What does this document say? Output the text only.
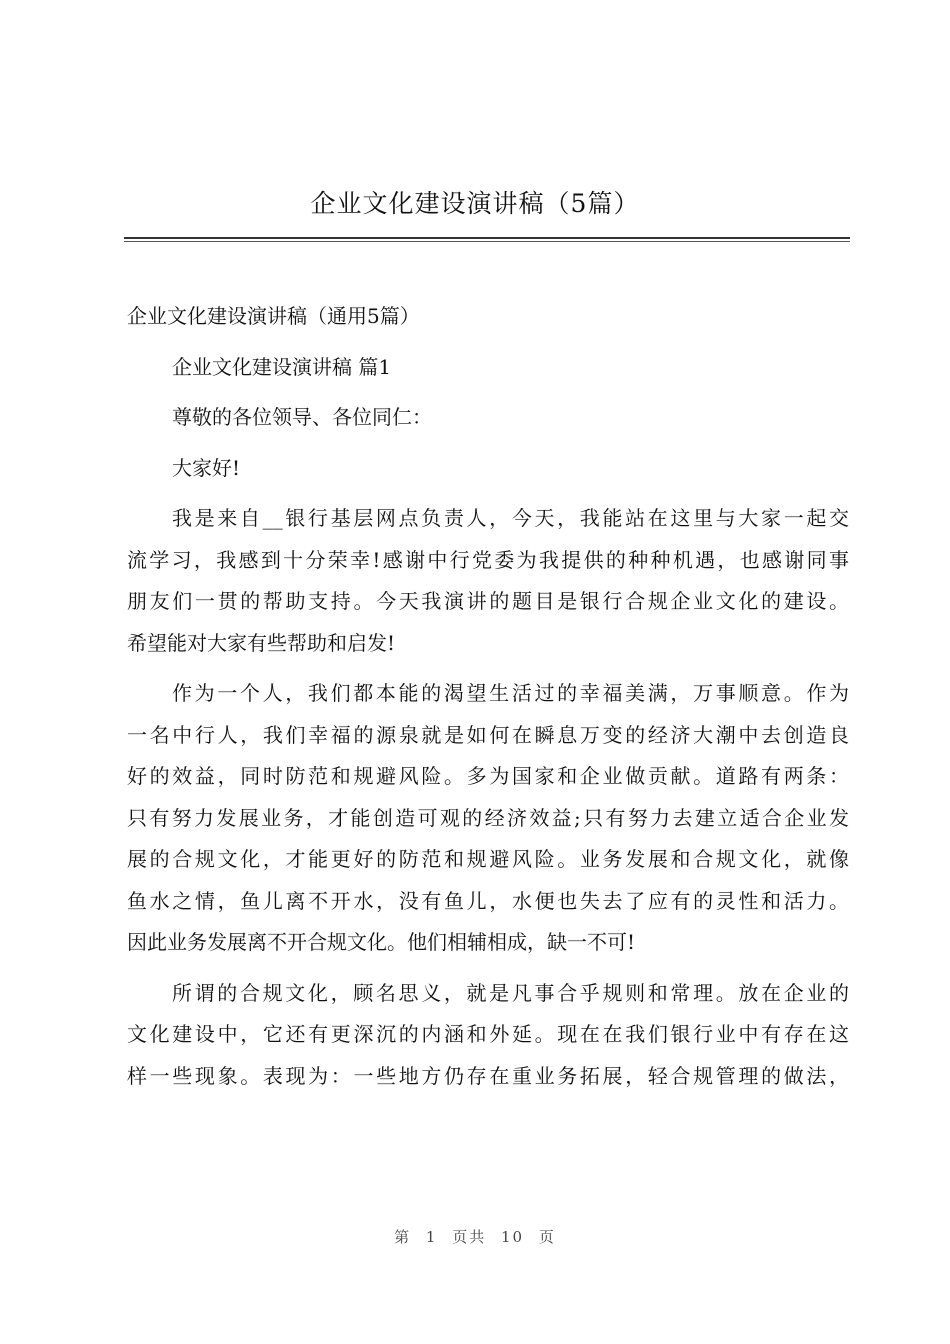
企业文化建设演讲稿（5篇）
企业文化建设演讲稿（通用5篇）
企业文化建设演讲稿 篇1
尊敬的各位领导、各位同仁：
大家好!
我是来自__银行基层网点负责人，今天，我能站在这里与大家一起交
流学习，我感到十分荣幸!感谢中行党委为我提供的种种机遇，也感谢同事
朋友们一贯的帮助支持。今天我演讲的题目是银行合规企业文化的建设。
希望能对大家有些帮助和启发!
作为一个人，我们都本能的渴望生活过的幸福美满，万事顺意。作为
一名中行人，我们幸福的源泉就是如何在瞬息万变的经济大潮中去创造良
好的效益，同时防范和规避风险。多为国家和企业做贡献。道路有两条：
只有努力发展业务，才能创造可观的经济效益;只有努力去建立适合企业发
展的合规文化，才能更好的防范和规避风险。业务发展和合规文化，就像
鱼水之情，鱼儿离不开水，没有鱼儿，水便也失去了应有的灵性和活力。
因此业务发展离不开合规文化。他们相辅相成，缺一不可!
所谓的合规文化，顾名思义，就是凡事合乎规则和常理。放在企业的
文化建设中，它还有更深沉的内涵和外延。现在在我们银行业中有存在这
样一些现象。表现为：一些地方仍存在重业务拓展，轻合规管理的做法，
第 1 页共 10 页
